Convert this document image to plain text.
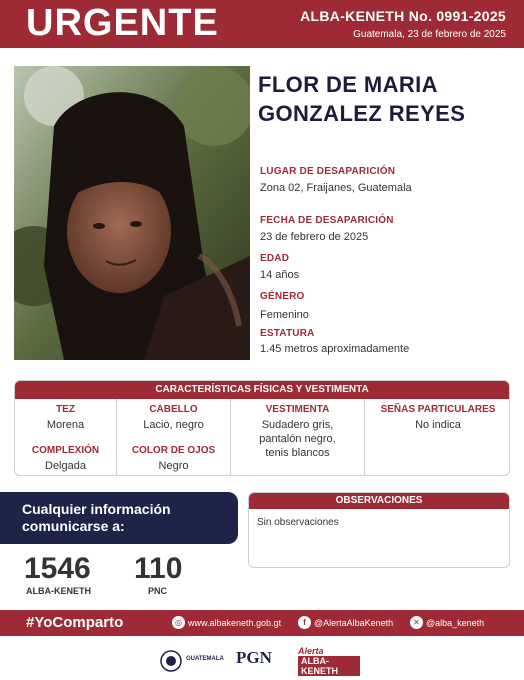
URGENTE	ALBA-KENETH No. 0991-2025
Guatemala, 23 de febrero de 2025
FLOR DE MARIA GONZALEZ REYES
LUGAR DE DESAPARICIÓN
Zona 02, Fraijanes, Guatemala
FECHA DE DESAPARICIÓN
23 de febrero de 2025
EDAD
14 años
GÉNERO
Femenino
ESTATURA
1.45 metros aproximadamente
CARACTERÍSTICAS FÍSICAS Y VESTIMENTA
TEZ
Morena
COMPLEXIÓN
Delgada
CABELLO
Lacio, negro
COLOR DE OJOS
Negro
VESTIMENTA
Sudadero gris,
pantalón negro,
tenis blancos
SEÑAS PARTICULARES
No indica
Cualquier información
comunicarse a:
1546
ALBA-KENETH
110
PNC
OBSERVACIONES
Sin observaciones
#YoComparto	◎ www.albakeneth.gob.gt	f @AlertaAlbaKeneth	✕ @alba_keneth
GUATEMALA PGN	Alerta
ALBA-KENETH
